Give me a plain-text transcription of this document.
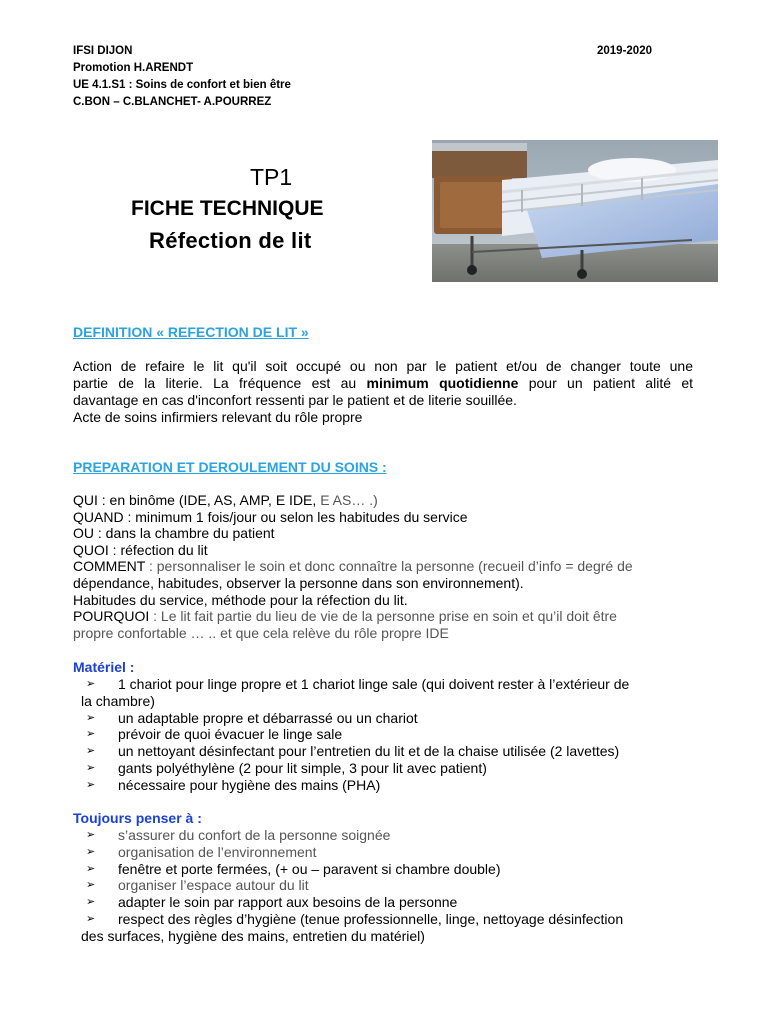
IFSI DIJON
Promotion H.ARENDT
UE 4.1.S1 : Soins de confort et bien être
C.BON – C.BLANCHET- A.POURREZ
2019-2020
TP1
FICHE TECHNIQUE
Réfection de lit
DEFINITION « REFECTION DE LIT »
Action de refaire le lit qu'il soit occupé ou non par le patient et/ou de changer toute une
partie de la literie. La fréquence est au minimum quotidienne pour un patient alité et
davantage en cas d'inconfort ressenti par le patient et de literie souillée.
Acte de soins infirmiers relevant du rôle propre
PREPARATION ET DEROULEMENT DU SOINS :
QUI : en binôme (IDE, AS, AMP, E IDE, E AS… .)
QUAND : minimum 1 fois/jour ou selon les habitudes du service
OU : dans la chambre du patient
QUOI : réfection du lit
COMMENT : personnaliser le soin et donc connaître la personne (recueil d’info = degré de
dépendance, habitudes, observer la personne dans son environnement).
Habitudes du service, méthode pour la réfection du lit.
POURQUOI : Le lit fait partie du lieu de vie de la personne prise en soin et qu’il doit être
propre confortable … .. et que cela relève du rôle propre IDE
Matériel :
➢ 1 chariot pour linge propre et 1 chariot linge sale (qui doivent rester à l’extérieur de
la chambre)
➢ un adaptable propre et débarrassé ou un chariot
➢ prévoir de quoi évacuer le linge sale
➢ un nettoyant désinfectant pour l’entretien du lit et de la chaise utilisée (2 lavettes)
➢ gants polyéthylène (2 pour lit simple, 3 pour lit avec patient)
➢ nécessaire pour hygiène des mains (PHA)
Toujours penser à :
➢ s’assurer du confort de la personne soignée
➢ organisation de l’environnement
➢ fenêtre et porte fermées, (+ ou – paravent si chambre double)
➢ organiser l’espace autour du lit
➢ adapter le soin par rapport aux besoins de la personne
➢ respect des règles d’hygiène (tenue professionnelle, linge, nettoyage désinfection
des surfaces, hygiène des mains, entretien du matériel)
